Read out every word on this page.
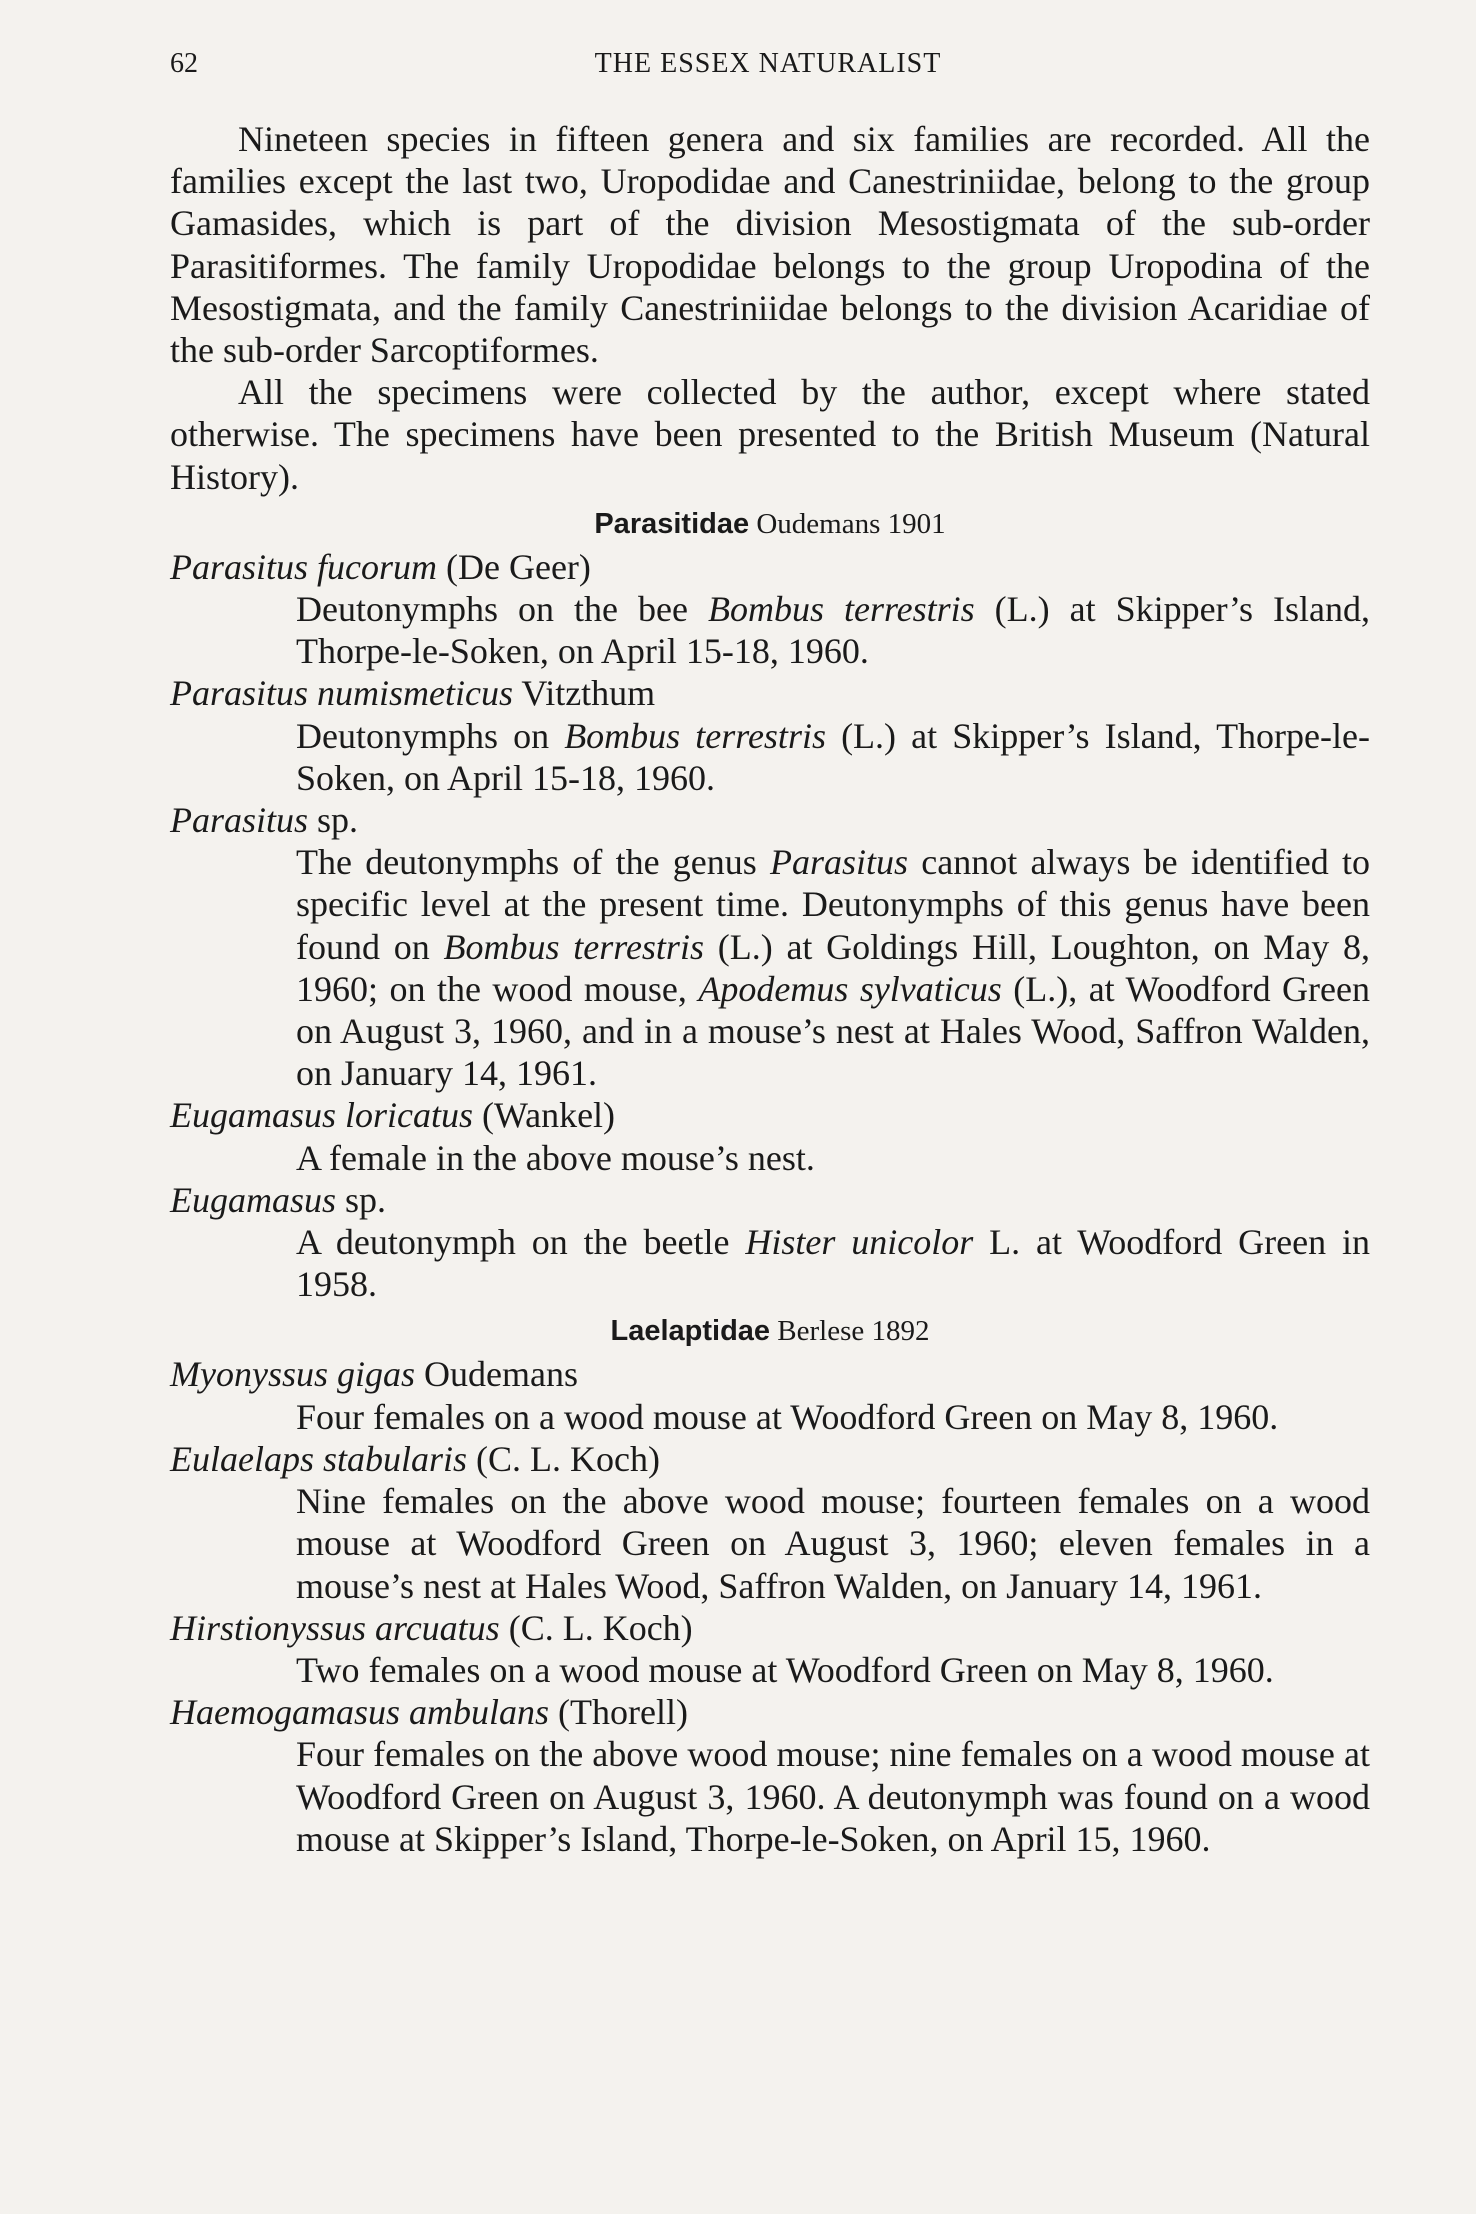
62	THE ESSEX NATURALIST

Nineteen species in fifteen genera and six families are recorded. All the families except the last two, Uropodidae and Canestriniidae, belong to the group Gamasides, which is part of the division Mesostigmata of the sub-order Parasitiformes. The family Uropodidae belongs to the group Uropodina of the Mesostigmata, and the family Canestriniidae belongs to the division Acaridiae of the sub-order Sarcoptiformes.

All the specimens were collected by the author, except where stated otherwise. The specimens have been presented to the British Museum (Natural History).

Parasitidae Oudemans 1901

Parasitus fucorum (De Geer)

Deutonymphs on the bee Bombus terrestris (L.) at Skipper’s Island, Thorpe-le-Soken, on April 15-18, 1960.

Parasitus numismeticus Vitzthum

Deutonymphs on Bombus terrestris (L.) at Skipper’s Island, Thorpe-le-Soken, on April 15-18, 1960.

Parasitus sp.

The deutonymphs of the genus Parasitus cannot always be identified to specific level at the present time. Deutonymphs of this genus have been found on Bombus terrestris (L.) at Goldings Hill, Loughton, on May 8, 1960; on the wood mouse, Apodemus sylvaticus (L.), at Woodford Green on August 3, 1960, and in a mouse’s nest at Hales Wood, Saffron Walden, on January 14, 1961.

Eugamasus loricatus (Wankel)

A female in the above mouse’s nest.

Eugamasus sp.

A deutonymph on the beetle Hister unicolor L. at Woodford Green in 1958.

Laelaptidae Berlese 1892

Myonyssus gigas Oudemans

Four females on a wood mouse at Woodford Green on May 8, 1960.

Eulaelaps stabularis (C. L. Koch)

Nine females on the above wood mouse; fourteen females on a wood mouse at Woodford Green on August 3, 1960; eleven females in a mouse’s nest at Hales Wood, Saffron Walden, on January 14, 1961.

Hirstionyssus arcuatus (C. L. Koch)

Two females on a wood mouse at Woodford Green on May 8, 1960.

Haemogamasus ambulans (Thorell)

Four females on the above wood mouse; nine females on a wood mouse at Woodford Green on August 3, 1960. A deutonymph was found on a wood mouse at Skipper’s Island, Thorpe-le-Soken, on April 15, 1960.
